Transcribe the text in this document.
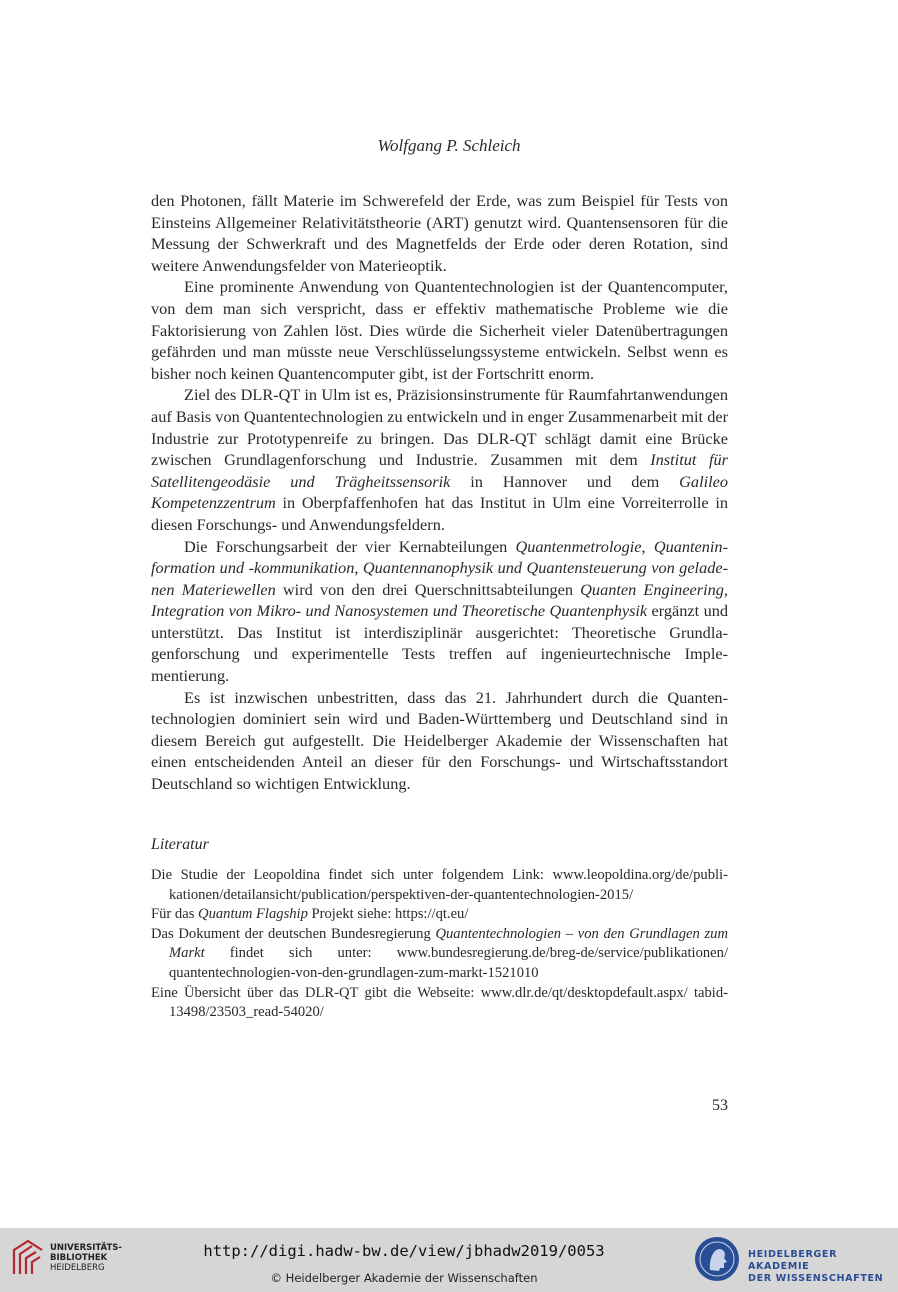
Wolfgang P. Schleich

den Photonen, fällt Materie im Schwerefeld der Erde, was zum Beispiel für Tests von Einsteins Allgemeiner Relativitätstheorie (ART) genutzt wird. Quantensensoren für die Messung der Schwerkraft und des Magnetfelds der Erde oder deren Rotation, sind weitere Anwendungsfelder von Materieoptik.

Eine prominente Anwendung von Quantentechnologien ist der Quantencomputer, von dem man sich verspricht, dass er effektiv mathematische Probleme wie die Faktorisierung von Zahlen löst. Dies würde die Sicherheit vieler Datenübertragungen gefährden und man müsste neue Verschlüsselungssysteme entwickeln. Selbst wenn es bisher noch keinen Quantencomputer gibt, ist der Fortschritt enorm.

Ziel des DLR-QT in Ulm ist es, Präzisionsinstrumente für Raumfahrtanwendungen auf Basis von Quantentechnologien zu entwickeln und in enger Zusammenarbeit mit der Industrie zur Prototypenreife zu bringen. Das DLR-QT schlägt damit eine Brücke zwischen Grundlagenforschung und Industrie. Zusammen mit dem Institut für Satellitengeodäsie und Trägheitssensorik in Hannover und dem Galileo Kompetenzzentrum in Oberpfaffenhofen hat das Institut in Ulm eine Vorreiterrolle in diesen Forschungs- und Anwendungsfeldern.

Die Forschungsarbeit der vier Kernabteilungen Quantenmetrologie, Quanteninformation und -kommunikation, Quantennanophysik und Quantensteuerung von geladenen Materiewellen wird von den drei Querschnittsabteilungen Quanten Engineering, Integration von Mikro- und Nanosystemen und Theoretische Quantenphysik ergänzt und unterstützt. Das Institut ist interdisziplinär ausgerichtet: Theoretische Grundlagenforschung und experimentelle Tests treffen auf ingenieurtechnische Implementierung.

Es ist inzwischen unbestritten, dass das 21. Jahrhundert durch die Quantentechnologien dominiert sein wird und Baden-Württemberg und Deutschland sind in diesem Bereich gut aufgestellt. Die Heidelberger Akademie der Wissenschaften hat einen entscheidenden Anteil an dieser für den Forschungs- und Wirtschaftsstandort Deutschland so wichtigen Entwicklung.

Literatur

Die Studie der Leopoldina findet sich unter folgendem Link: www.leopoldina.org/de/publikationen/detailansicht/publication/perspektiven-der-quantentechnologien-2015/

Für das Quantum Flagship Projekt siehe: https://qt.eu/

Das Dokument der deutschen Bundesregierung Quantentechnologien – von den Grundlagen zum Markt findet sich unter: www.bundesregierung.de/breg-de/service/publikationen/ quantentechnologien-von-den-grundlagen-zum-markt-1521010

Eine Übersicht über das DLR-QT gibt die Webseite: www.dlr.de/qt/desktopdefault.aspx/ tabid-13498/23503_read-54020/

53
UNIVERSITÄTS-
BIBLIOTHEK
HEIDELBERG
http://digi.hadw-bw.de/view/jbhadw2019/0053
© Heidelberger Akademie der Wissenschaften
HEIDELBERGER AKADEMIE
DER WISSENSCHAFTEN
